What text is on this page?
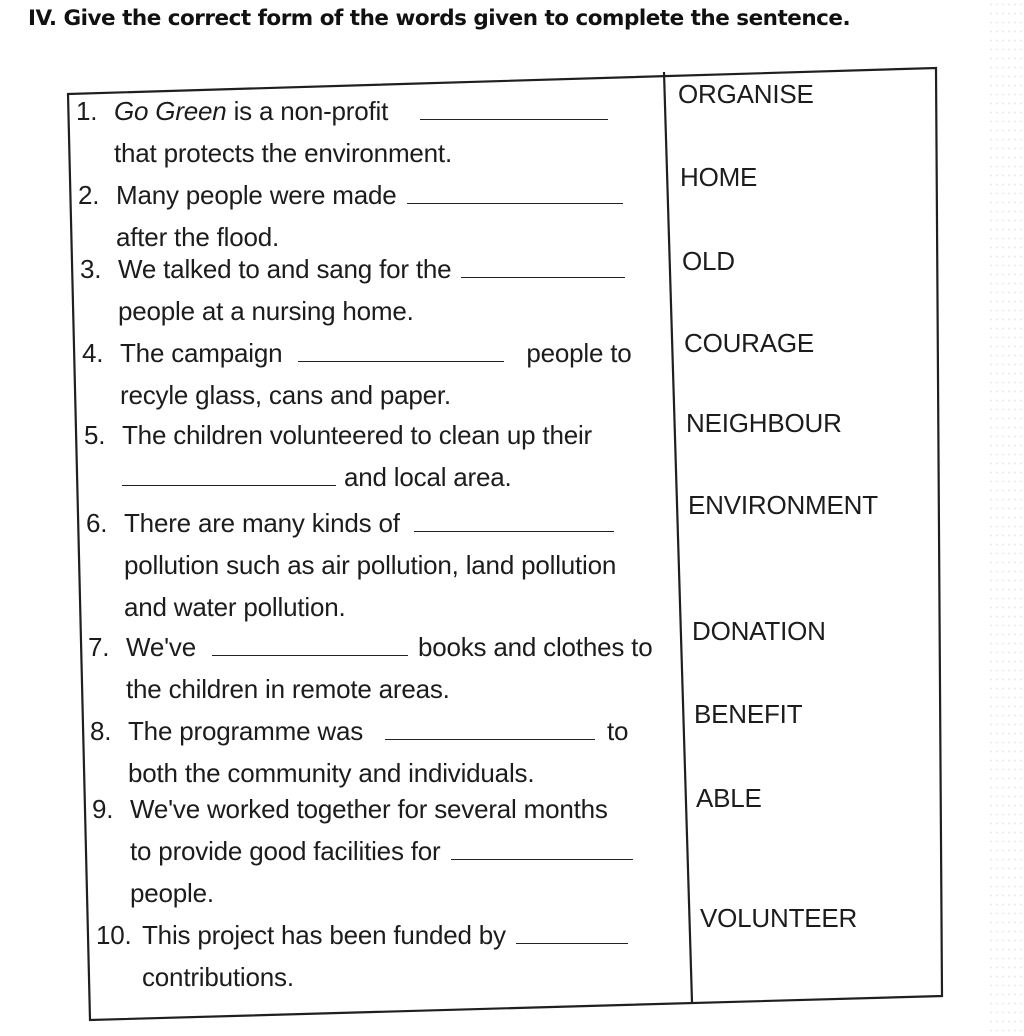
IV. Give the correct form of the words given to complete the sentence.
1. Go Green
is a non-profit
that protects the environment.
2. Many people were made
after the flood.
3. We talked to and sang for the
people at a nursing home.
4. The campaign	people to
recyle glass, cans and paper.
5. The children volunteered to clean up their
and local area.
6. There are many kinds of
pollution such as air pollution, land pollution
and water pollution.
7. We've	books and clothes to
the children in remote areas.
8. The programme was	to
both the community and individuals.
9. We've worked together for several months
to provide good facilities for
people.
10. This project has been funded by
contributions.
ORGANISE
HOME
OLD
COURAGE
NEIGHBOUR
ENVIRONMENT
DONATION
BENEFIT
ABLE
VOLUNTEER
